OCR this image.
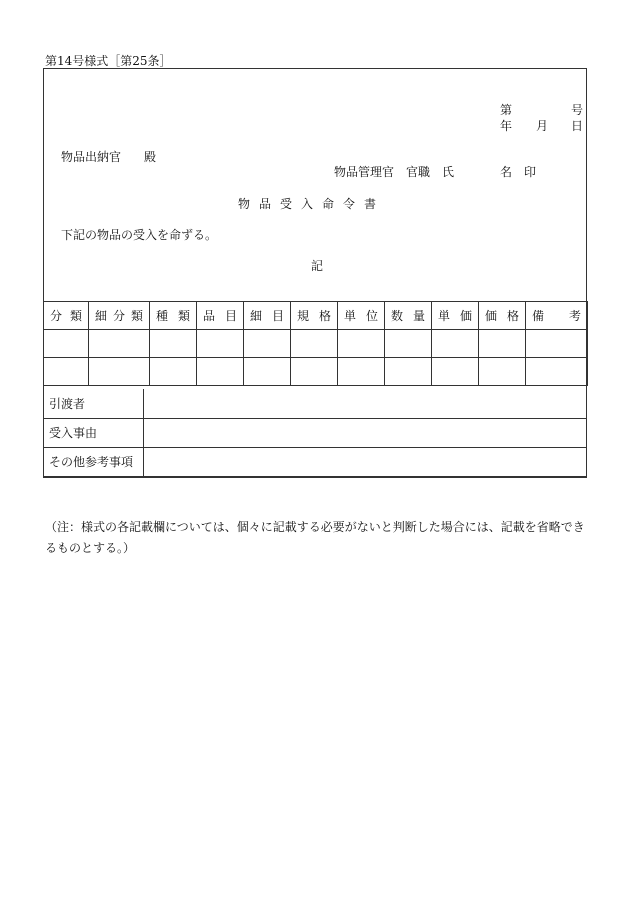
第14号様式［第25条］
第	号
年 月 日
物品出納官 殿
物品管理官　官職　氏	名　印
物品受入命令書
下記の物品の受入を命ずる。
記
分 類	細 分 類	種 類	品 目	細 目	規 格	単 位	数 量	単 価	価 格	備 考

引渡者	
受入事由	
その他参考事項	
（注：様式の各記載欄については、個々に記載する必要がないと判断した場合には、記載を省略できるものとする。）
